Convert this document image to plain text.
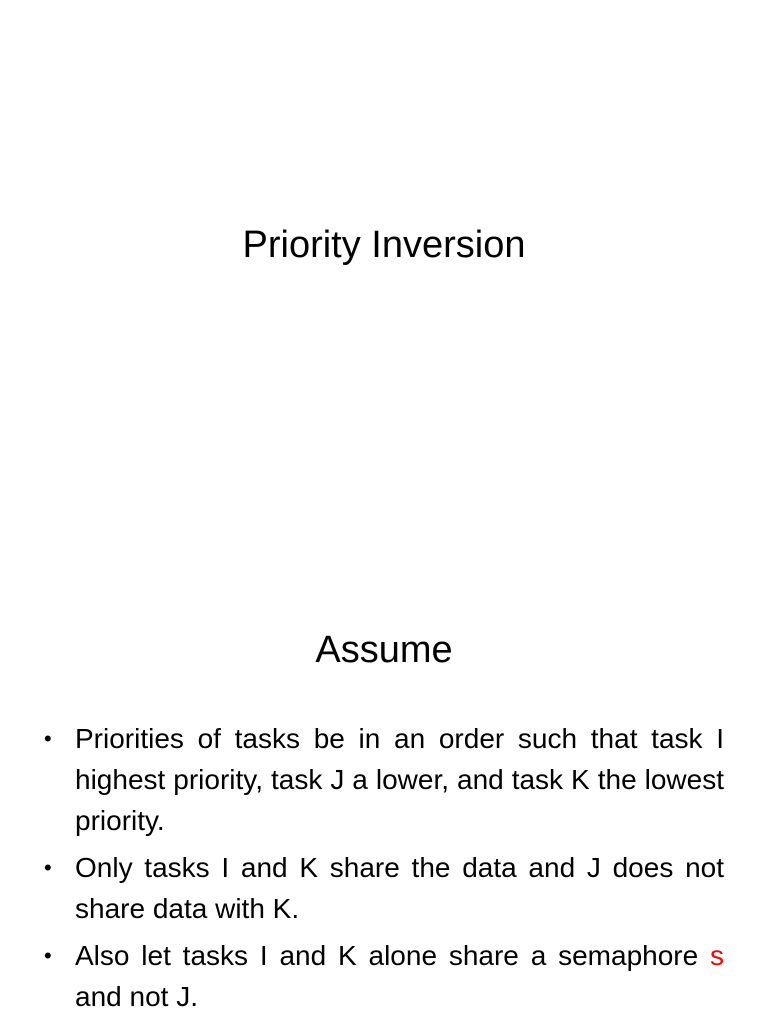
Priority Inversion
Assume
• Priorities of tasks be in an order such that task I highest priority, task J a lower, and task K the lowest priority.
• Only tasks I and K share the data and J does not share data with K.
• Also let tasks I and K alone share a semaphore s and not J.
